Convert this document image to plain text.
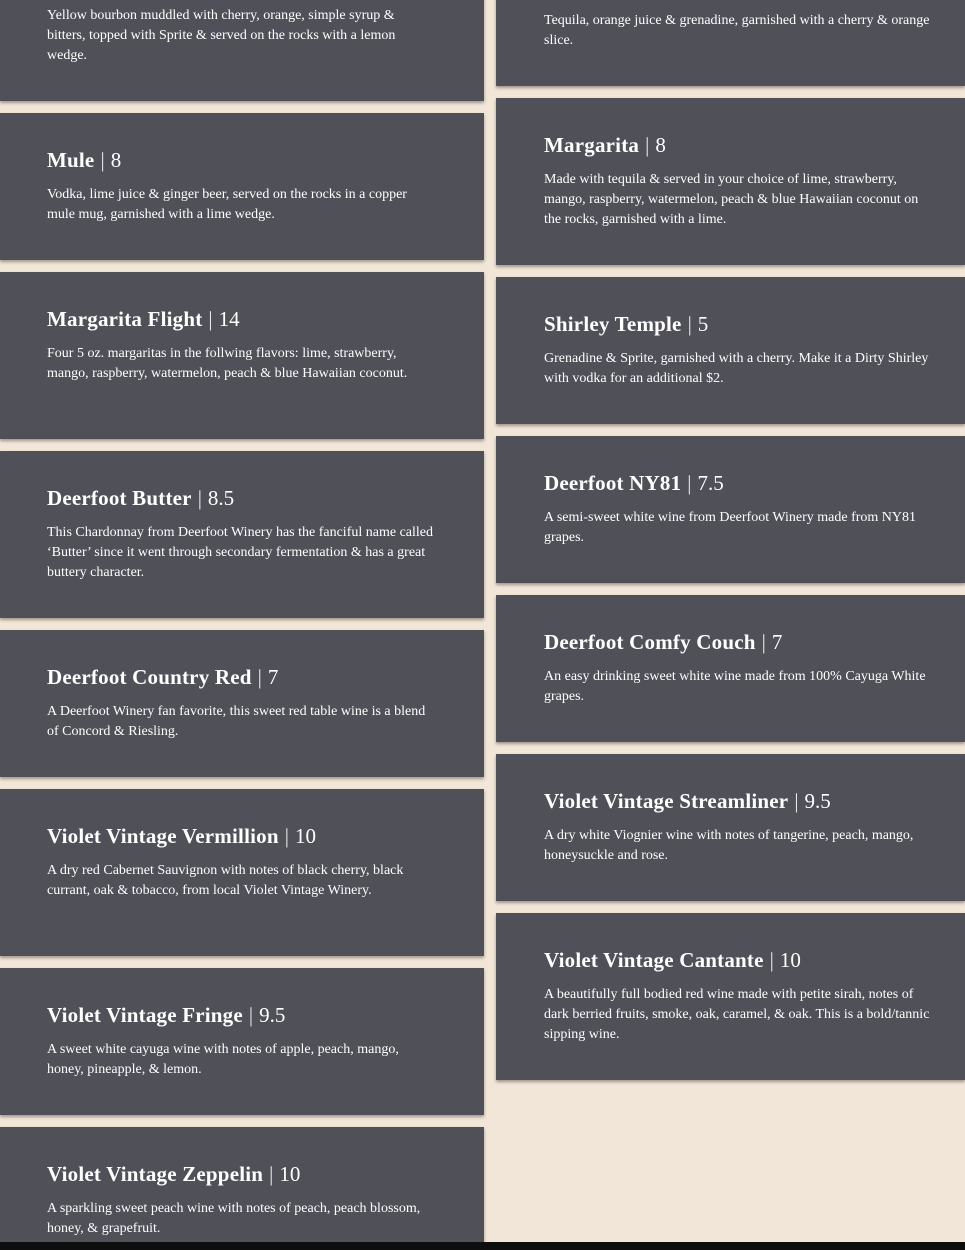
Yellow bourbon muddled with cherry, orange, simple syrup & bitters, topped with Sprite & served on the rocks with a lemon wedge.

Mule | 8

Vodka, lime juice & ginger beer, served on the rocks in a copper mule mug, garnished with a lime wedge.

Margarita Flight | 14

Four 5 oz. margaritas in the follwing flavors: lime, strawberry, mango, raspberry, watermelon, peach & blue Hawaiian coconut.

Deerfoot Butter | 8.5

This Chardonnay from Deerfoot Winery has the fanciful name called ‘Butter’ since it went through secondary fermentation & has a great buttery character.

Deerfoot Country Red | 7

A Deerfoot Winery fan favorite, this sweet red table wine is a blend of Concord & Riesling.

Violet Vintage Vermillion | 10

A dry red Cabernet Sauvignon with notes of black cherry, black currant, oak & tobacco, from local Violet Vintage Winery.

Violet Vintage Fringe | 9.5

A sweet white cayuga wine with notes of apple, peach, mango, honey, pineapple, & lemon.

Violet Vintage Zeppelin | 10

A sparkling sweet peach wine with notes of peach, peach blossom, honey, & grapefruit.

Tequila, orange juice & grenadine, garnished with a cherry & orange slice.

Margarita | 8

Made with tequila & served in your choice of lime, strawberry, mango, raspberry, watermelon, peach & blue Hawaiian coconut on the rocks, garnished with a lime.

Shirley Temple | 5

Grenadine & Sprite, garnished with a cherry. Make it a Dirty Shirley with vodka for an additional $2.

Deerfoot NY81 | 7.5

A semi-sweet white wine from Deerfoot Winery made from NY81 grapes.

Deerfoot Comfy Couch | 7

An easy drinking sweet white wine made from 100% Cayuga White grapes.

Violet Vintage Streamliner | 9.5

A dry white Viognier wine with notes of tangerine, peach, mango, honeysuckle and rose.

Violet Vintage Cantante | 10

A beautifully full bodied red wine made with petite sirah, notes of dark berried fruits, smoke, oak, caramel, & oak. This is a bold/tannic sipping wine.
